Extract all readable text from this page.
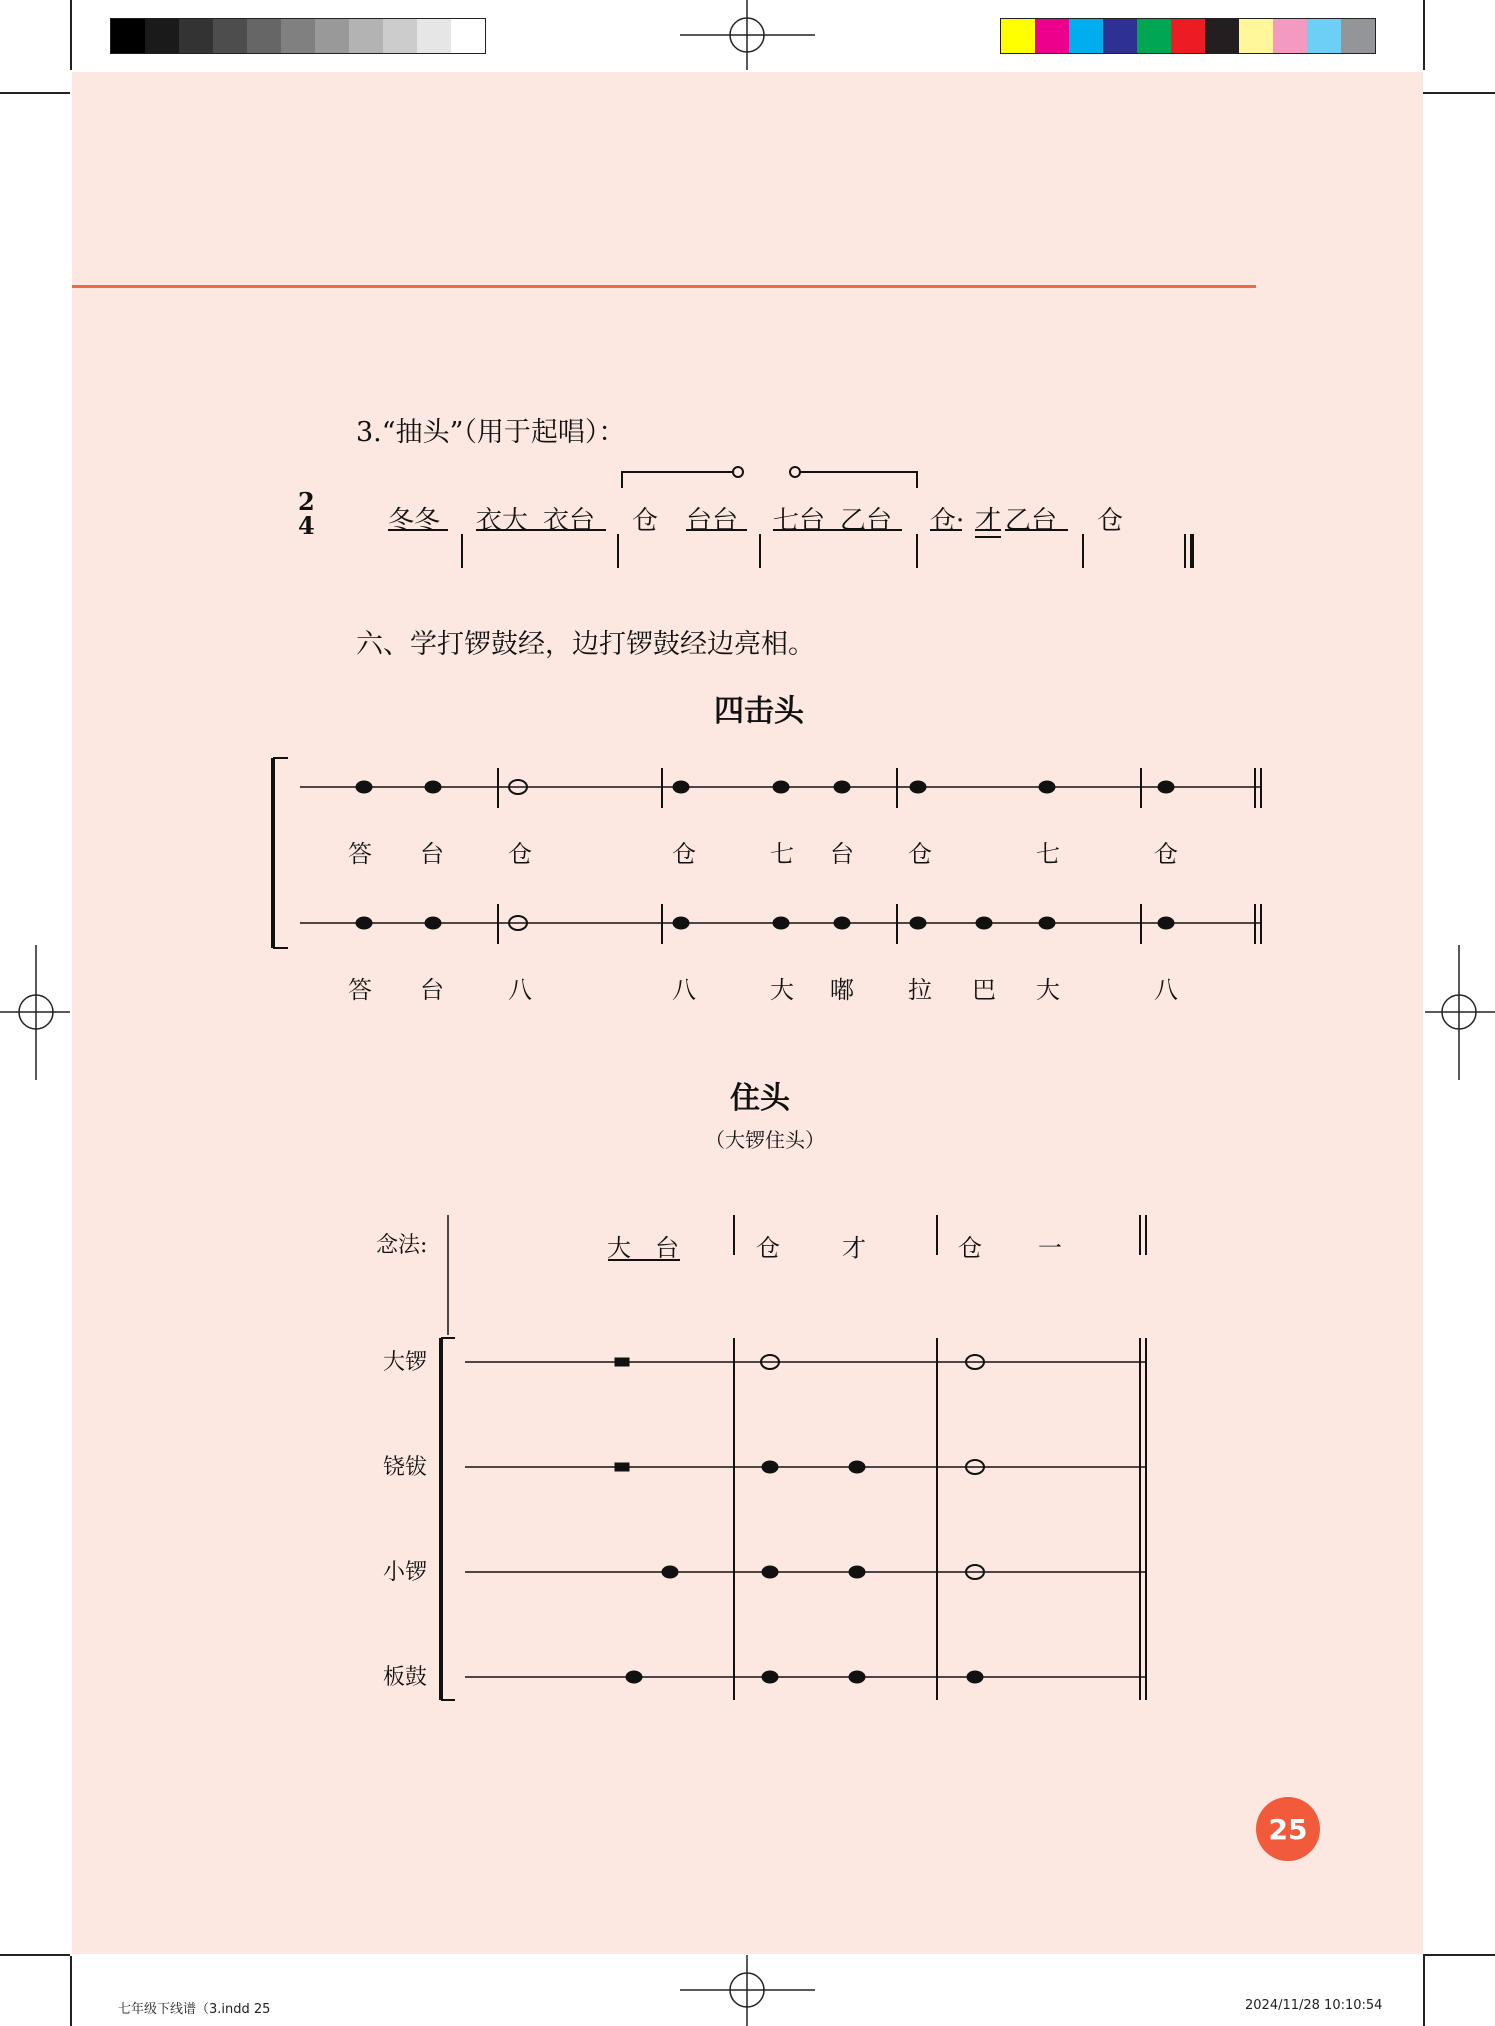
3.“抽头”（用于起唱）：
2
4	冬冬 衣大 衣台 仓 台台 七台 乙台 仓· 才 乙台 仓
六、学打锣鼓经，边打锣鼓经边亮相。
四击头
答 台	仓	仓	七 台 仓	七	仓
答 台	八	八	大 嘟 拉 巴 大	八
住头
（大锣住头）
念法:	大 台	仓	才	仓 一
大锣
铙钹
小锣
板鼓
25
七年级下线谱（3.indd 25	2024/11/28 10:10:54
